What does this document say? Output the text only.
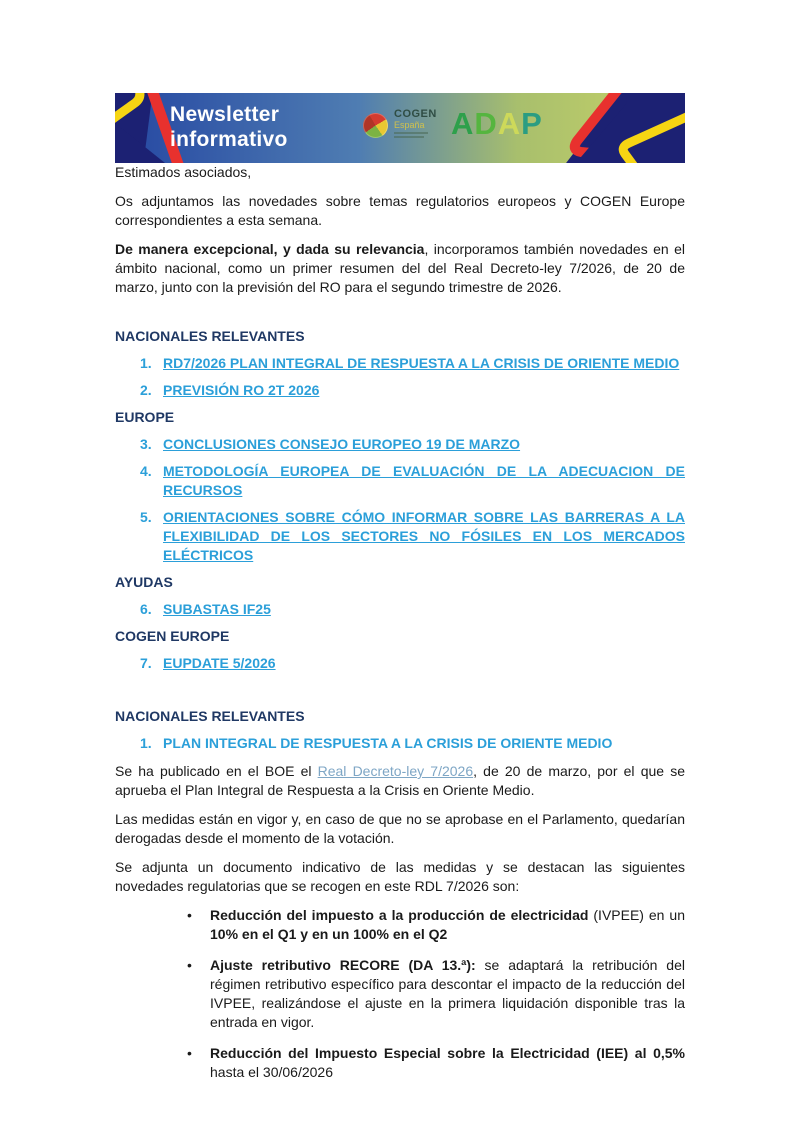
Newsletter
informativo
COGEN
España A D A P

Estimados asociados,

Os adjuntamos las novedades sobre temas regulatorios europeos y COGEN Europe correspondientes a esta semana.

De manera excepcional, y dada su relevancia, incorporamos también novedades en el ámbito nacional, como un primer resumen del del Real Decreto-ley 7/2026, de 20 de marzo, junto con la previsión del RO para el segundo trimestre de 2026.

NACIONALES RELEVANTES
1. RD7/2026 PLAN INTEGRAL DE RESPUESTA A LA CRISIS DE ORIENTE MEDIO
2. PREVISIÓN RO 2T 2026
EUROPE
3. CONCLUSIONES CONSEJO EUROPEO 19 DE MARZO
4. METODOLOGÍA EUROPEA DE EVALUACIÓN DE LA ADECUACION DE RECURSOS
5. ORIENTACIONES SOBRE CÓMO INFORMAR SOBRE LAS BARRERAS A LA FLEXIBILIDAD DE LOS SECTORES NO FÓSILES EN LOS MERCADOS ELÉCTRICOS
AYUDAS
6. SUBASTAS IF25
COGEN EUROPE
7. EUPDATE 5/2026
NACIONALES RELEVANTES
1. PLAN INTEGRAL DE RESPUESTA A LA CRISIS DE ORIENTE MEDIO

Se ha publicado en el BOE el Real Decreto-ley 7/2026, de 20 de marzo, por el que se aprueba el Plan Integral de Respuesta a la Crisis en Oriente Medio.

Las medidas están en vigor y, en caso de que no se aprobase en el Parlamento, quedarían derogadas desde el momento de la votación.

Se adjunta un documento indicativo de las medidas y se destacan las siguientes novedades regulatorias que se recogen en este RDL 7/2026 son:

•	Reducción del impuesto a la producción de electricidad (IVPEE) en un 10% en el Q1 y en un 100% en el Q2
•	Ajuste retributivo RECORE (DA 13.ª): se adaptará la retribución del régimen retributivo específico para descontar el impacto de la reducción del IVPEE, realizándose el ajuste en la primera liquidación disponible tras la entrada en vigor.
•	Reducción del Impuesto Especial sobre la Electricidad (IEE) al 0,5% hasta el 30/06/2026
